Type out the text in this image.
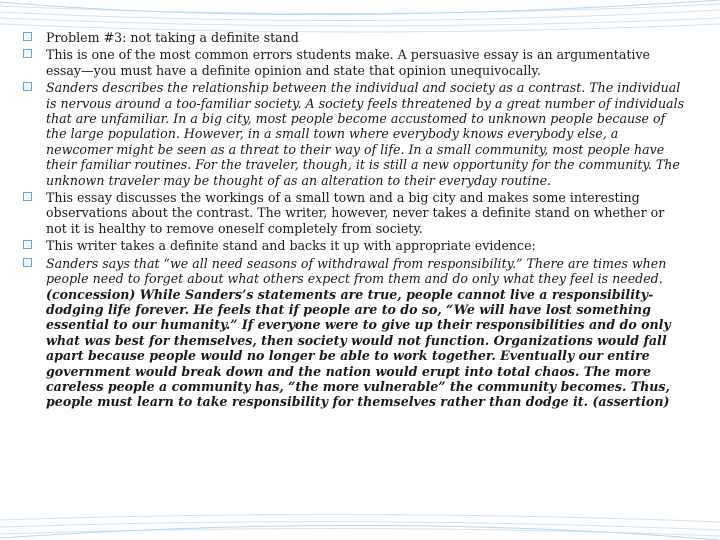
Problem #3: not taking a definite stand
This is one of the most common errors students make. A persuasive essay is an argumentative essay—you must have a definite opinion and state that opinion unequivocally.
Sanders describes the relationship between the individual and society as a contrast. The individual is nervous around a too-familiar society. A society feels threatened by a great number of individuals that are unfamiliar. In a big city, most people become accustomed to unknown people because of the large population. However, in a small town where everybody knows everybody else, a newcomer might be seen as a threat to their way of life. In a small community, most people have their familiar routines. For the traveler, though, it is still a new opportunity for the community. The unknown traveler may be thought of as an alteration to their everyday routine.
This essay discusses the workings of a small town and a big city and makes some interesting observations about the contrast. The writer, however, never takes a definite stand on whether or not it is healthy to remove oneself completely from society.
This writer takes a definite stand and backs it up with appropriate evidence:
Sanders says that “we all need seasons of withdrawal from responsibility.” There are times when people need to forget about what others expect from them and do only what they feel is needed. (concession) While Sanders’s statements are true, people cannot live a responsibility-dodging life forever. He feels that if people are to do so, “We will have lost something essential to our humanity.” If everyone were to give up their responsibilities and do only what was best for themselves, then society would not function. Organizations would fall apart because people would no longer be able to work together. Eventually our entire government would break down and the nation would erupt into total chaos. The more careless people a community has, “the more vulnerable” the community becomes. Thus, people must learn to take responsibility for themselves rather than dodge it. (assertion)
